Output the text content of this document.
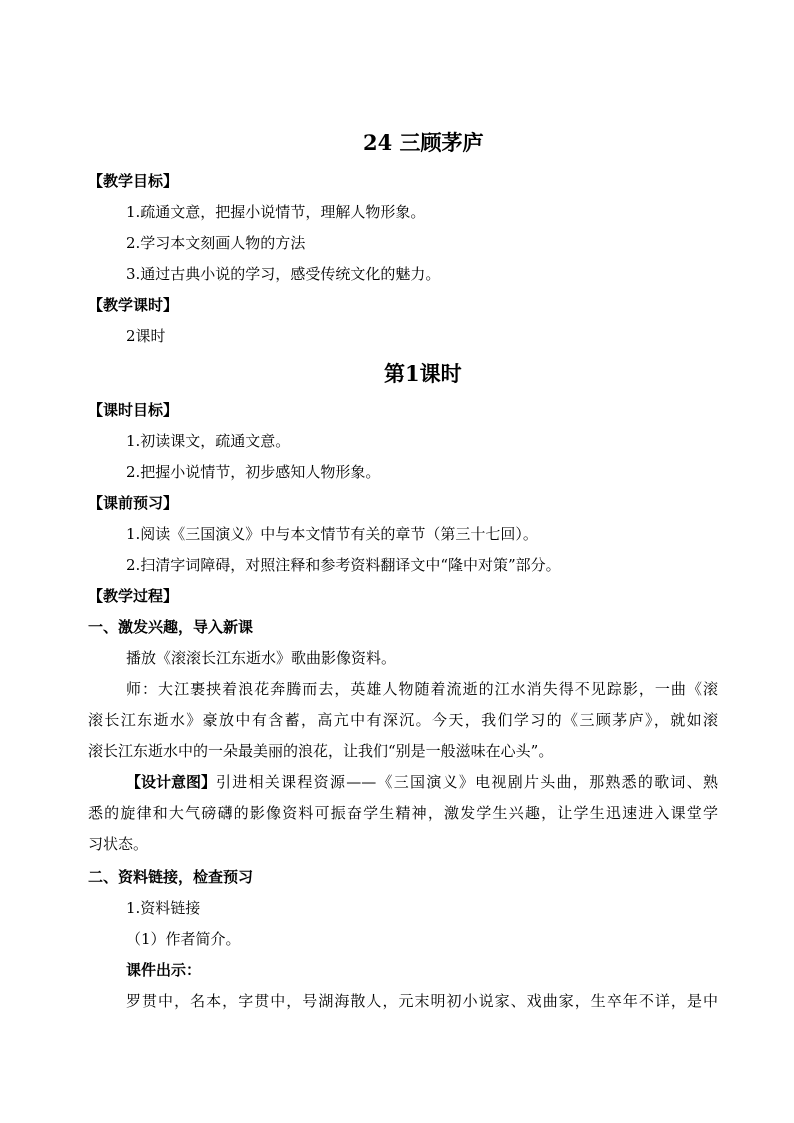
24 三顾茅庐
【教学目标】
1.疏通文意，把握小说情节，理解人物形象。
2.学习本文刻画人物的方法
3.通过古典小说的学习，感受传统文化的魅力。
【教学课时】
2课时
第1课时
【课时目标】
1.初读课文，疏通文意。
2.把握小说情节，初步感知人物形象。
【课前预习】
1.阅读《三国演义》中与本文情节有关的章节（第三十七回）。
2.扫清字词障碍，对照注释和参考资料翻译文中“隆中对策”部分。
【教学过程】
一、激发兴趣，导入新课
播放《滚滚长江东逝水》歌曲影像资料。
师：大江裹挟着浪花奔腾而去，英雄人物随着流逝的江水消失得不见踪影，一曲《滚
滚长江东逝水》豪放中有含蓄，高亢中有深沉。今天，我们学习的《三顾茅庐》，就如滚
滚长江东逝水中的一朵最美丽的浪花，让我们“别是一般滋味在心头”。
【设计意图】 引进相关课程资源——《三国演义》电视剧片头曲，那熟悉的歌词、熟
悉的旋律和大气磅礴的影像资料可振奋学生精神，激发学生兴趣，让学生迅速进入课堂学
习状态。
二、资料链接，检查预习
1.资料链接
（1）作者简介。
课件出示：
罗贯中，名本，字贯中，号湖海散人，元末明初小说家、戏曲家，生卒年不详，是中
